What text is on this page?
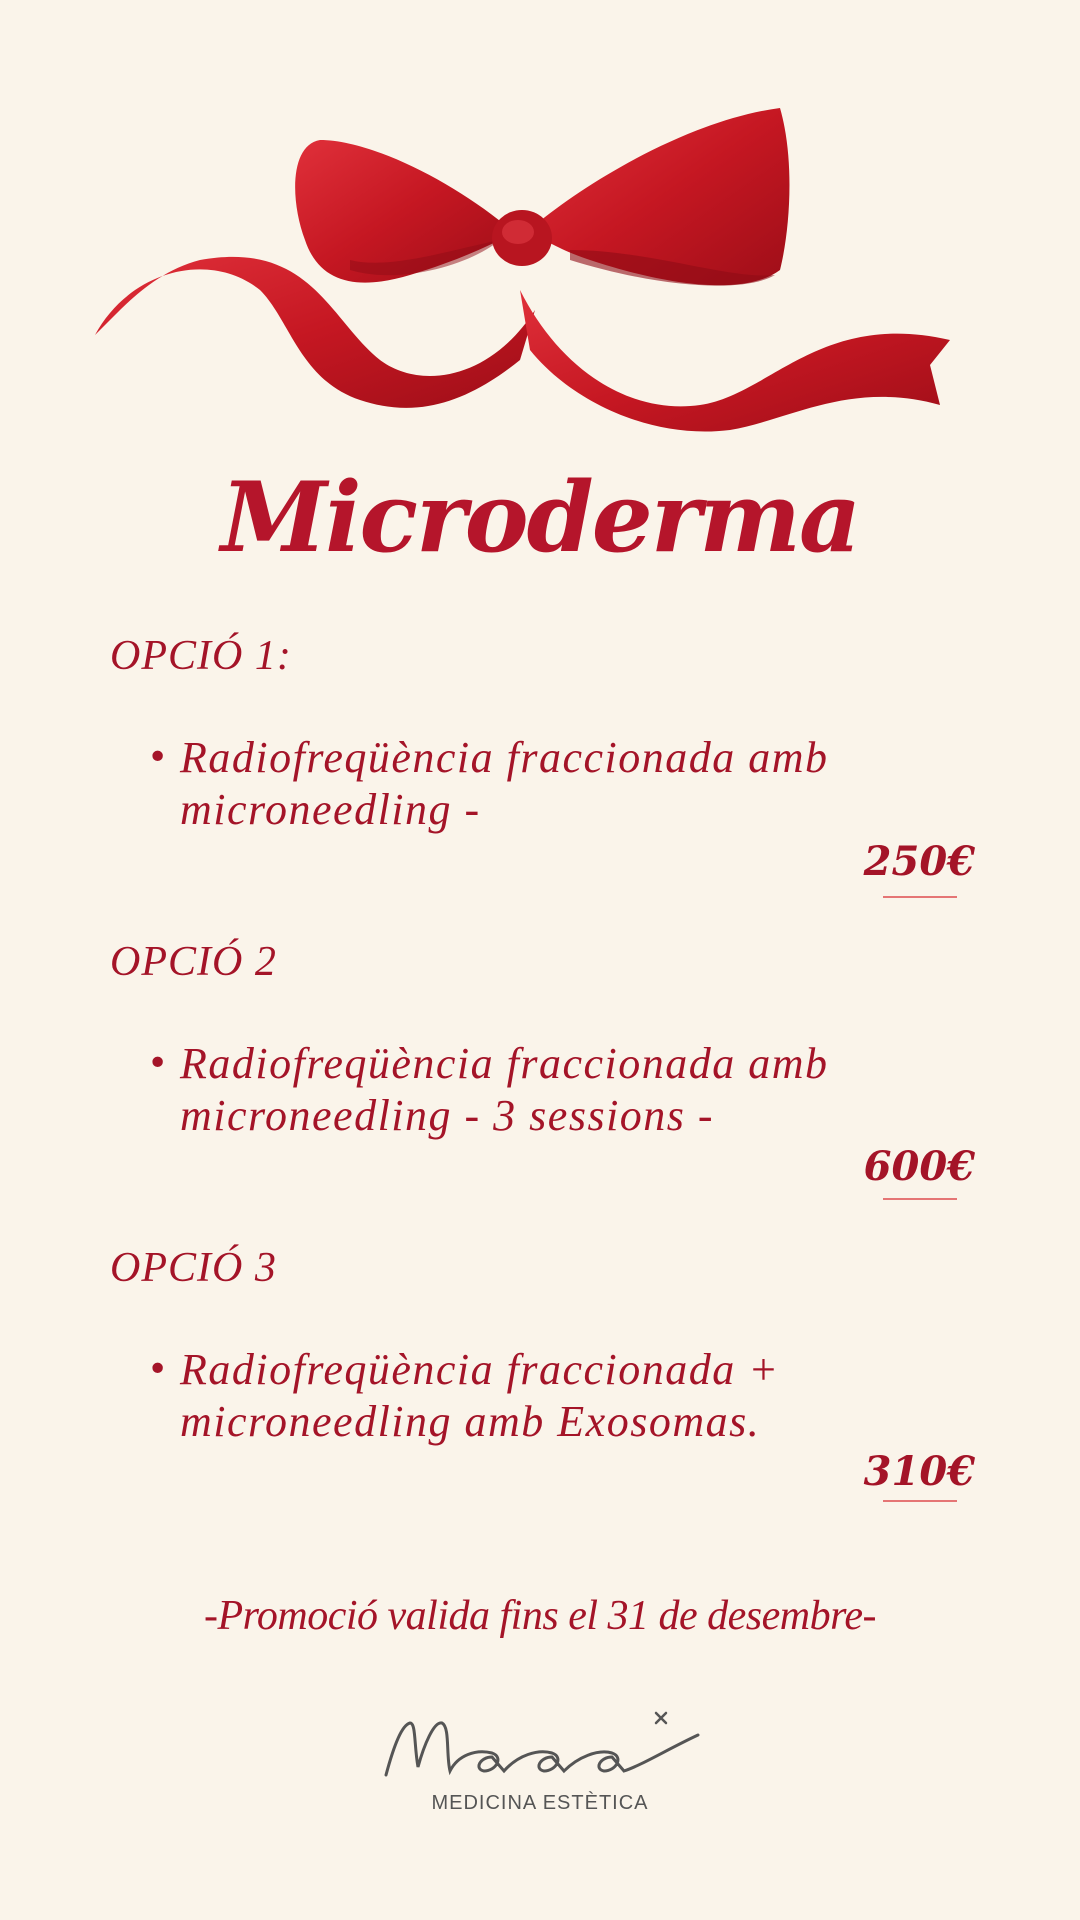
Microderma
OPCIÓ 1:
• Radiofreqüència fraccionada amb microneedling -
250€
OPCIÓ 2
• Radiofreqüència fraccionada amb microneedling - 3 sessions -
600€
OPCIÓ 3
• Radiofreqüència fraccionada + microneedling amb Exosomas.
310€
-Promoció valida fins el 31 de desembre-
MEDICINA ESTÈTICA
